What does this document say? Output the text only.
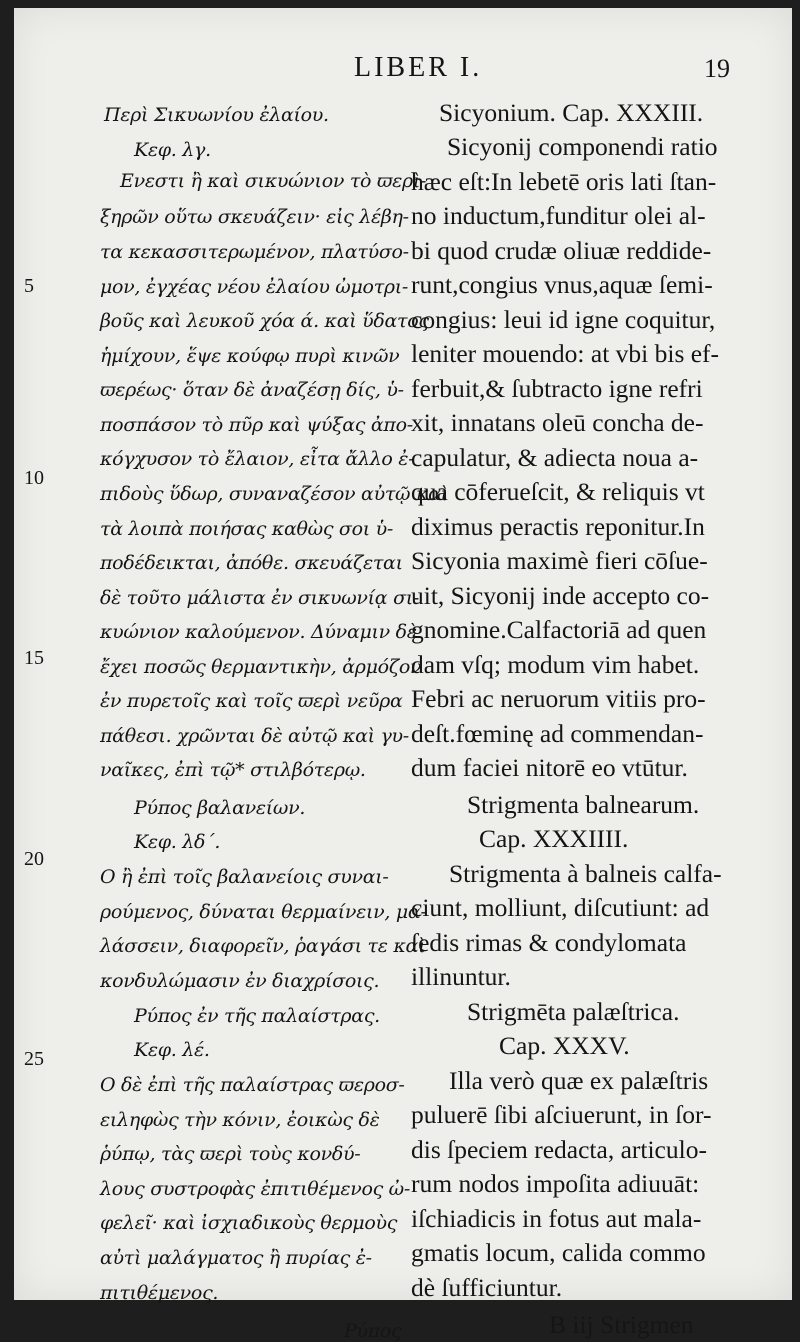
LIBER I.	19
Περὶ Σικυωνίου ἐλαίου.
Κεφ. λγ.
Ενεστι ἢ καὶ σικυώνιον τὸ ϖερὶ-
ξηρῶν οὕτω σκευάζειν· εἰς λέβη-
τα κεκασσιτερωμένον, πλατύσο-
μον, ἐγχέας νέου ἐλαίου ὠμοτρι-
βοῦς καὶ λευκοῦ χόα ά. καὶ ὕδατος
ἡμίχουν, ἕψε κούφῳ πυρὶ κινῶν
ϖερέως· ὅταν δὲ ἀναζέσῃ δίς, ὑ-
ποσπάσον τὸ πῦρ καὶ ψύξας ἀπο-
κόγχυσον τὸ ἔλαιον, εἶτα ἄλλο ἐ-
πιδοὺς ὕδωρ, συναναζέσον αὐτῷ καὶ
τὰ λοιπὰ ποιήσας καθὼς σοι ὑ-
ποδέδεικται, ἀπόθε. σκευάζεται
δὲ τοῦτο μάλιστα ἐν σικυωνίᾳ σι-
κυώνιον καλούμενον. Δύναμιν δὲ
ἔχει ποσῶς θερμαντικὴν, ἀρμόζον
ἐν πυρετοῖς καὶ τοῖς ϖερὶ νεῦρα
πάθεσι. χρῶνται δὲ αὐτῷ καὶ γυ-
ναῖκες, ἐπὶ τῷ* στιλβότερῳ.
Ρύπος βαλανείων.
Κεφ. λδ΄.
Ο ἢ ἐπὶ τοῖς βαλανείοις συναι-
ρούμενος, δύναται θερμαίνειν, μα-
λάσσειν, διαφορεῖν, ῥαγάσι τε καὶ
κονδυλώμασιν ἐν διαχρίσοις.
Ρύπος ἐν τῆς παλαίστρας.
Κεφ. λέ.
Ο δὲ ἐπὶ τῆς παλαίστρας ϖεροσ-
ειληφὼς τὴν κόνιν, ἐοικὼς δὲ
ῥύπῳ, τὰς ϖερὶ τοὺς κονδύ-
λους συστροφὰς ἐπιτιθέμενος ὠ-
φελεῖ· καὶ ἰσχιαδικοὺς θερμοὺς
αὐτὶ μαλάγματος ἢ πυρίας ἐ-
πιτιθέμενος.
Ρύπος
Sicyonium. Cap. XXXIII.
Sicyonij componendi ratio
hæc eſt:In lebetē oris lati ſtan-
no inductum,funditur olei al-
bi quod crudæ oliuæ reddide-
runt,congius vnus,aquæ ſemi-
congius: leui id igne coquitur,
leniter mouendo: at vbi bis ef-
ferbuit,& ſubtracto igne refri
xit, innatans oleū concha de-
capulatur, & adiecta noua a-
qua cōferueſcit, & reliquis vt
diximus peractis reponitur.In
Sicyonia maximè fieri cōſue-
uit, Sicyonij inde accepto co-
gnomine.Calfactoriā ad quen
dam vſq; modum vim habet.
Febri ac neruorum vitiis pro-
deſt.fœminę ad commendan-
dum faciei nitorē eo vtūtur.
Strigmenta balnearum.
Cap. XXXIIII.
Strigmenta à balneis calfa-
ciunt, molliunt, diſcutiunt: ad
ſedis rimas & condylomata
illinuntur.
Strigmēta palæſtrica.
Cap. XXXV.
Illa verò quæ ex palæſtris
puluerē ſibi aſciuerunt, in ſor-
dis ſpeciem redacta, articulo-
rum nodos impoſita adiuuāt:
iſchiadicis in fotus aut mala-
gmatis locum, calida commo
dè ſufficiuntur.
B iij Strigmen
5
10
15
20
25
